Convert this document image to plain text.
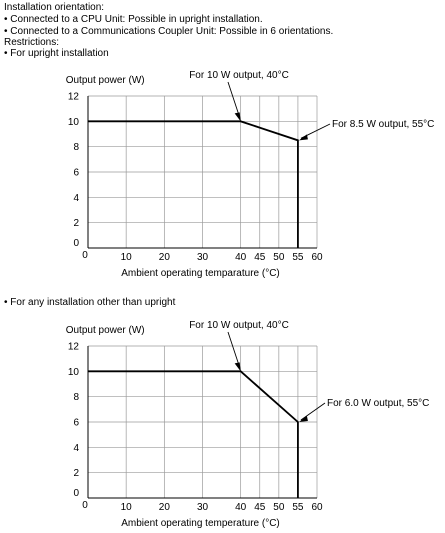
Installation orientation:
• Connected to a CPU Unit: Possible in upright installation.
• Connected to a Communications Coupler Unit: Possible in 6 orientations.
Restrictions:
• For upright installation
• For any installation other than upright
0	10	20	30	40 45 50 55 60
0
2
4
6
8
10
12
Output power (W)
Ambient operating temparature (°C)
For 10 W output, 40°C
For 8.5 W output, 55°C
0	10	20	30	40 45 50 55 60
0
2
4
6
8
10
12
Output power (W)
Ambient operating temperature (°C)
For 10 W output, 40°C
For 6.0 W output, 55°C
